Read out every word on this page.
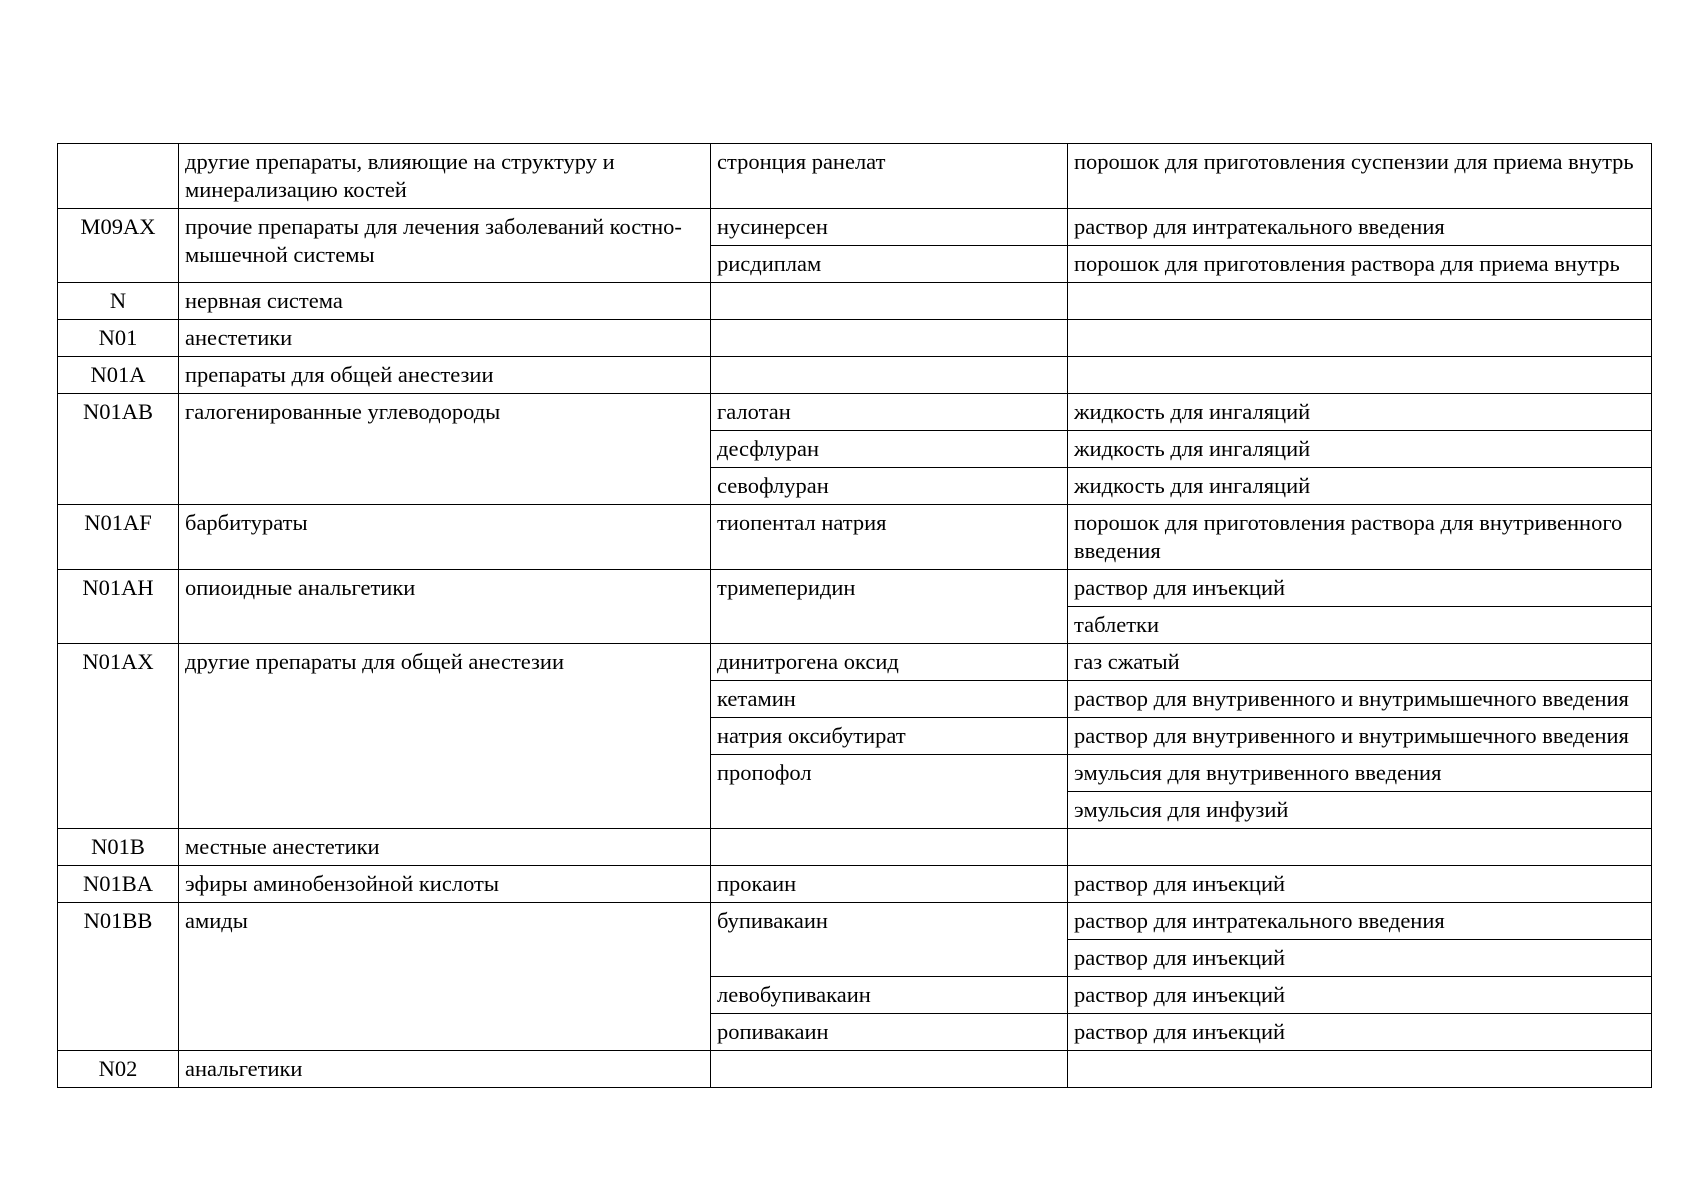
	другие препараты, влияющие на структуру и минерализацию костей	стронция ранелат	порошок для приготовления суспензии для приема внутрь
M09AX	прочие препараты для лечения заболеваний костно-мышечной системы	нусинерсен	раствор для интратекального введения
		рисдиплам	порошок для приготовления раствора для приема внутрь
N	нервная система		
N01	анестетики		
N01A	препараты для общей анестезии		
N01AB	галогенированные углеводороды	галотан	жидкость для ингаляций
		десфлуран	жидкость для ингаляций
		севофлуран	жидкость для ингаляций
N01AF	барбитураты	тиопентал натрия	порошок для приготовления раствора для внутривенного введения
N01AH	опиоидные анальгетики	тримеперидин	раствор для инъекций
			таблетки
N01AX	другие препараты для общей анестезии	динитрогена оксид	газ сжатый
		кетамин	раствор для внутривенного и внутримышечного введения
		натрия оксибутират	раствор для внутривенного и внутримышечного введения
		пропофол	эмульсия для внутривенного введения
			эмульсия для инфузий
N01B	местные анестетики		
N01BA	эфиры аминобензойной кислоты	прокаин	раствор для инъекций
N01BB	амиды	бупивакаин	раствор для интратекального введения
			раствор для инъекций
		левобупивакаин	раствор для инъекций
		ропивакаин	раствор для инъекций
N02	анальгетики		
